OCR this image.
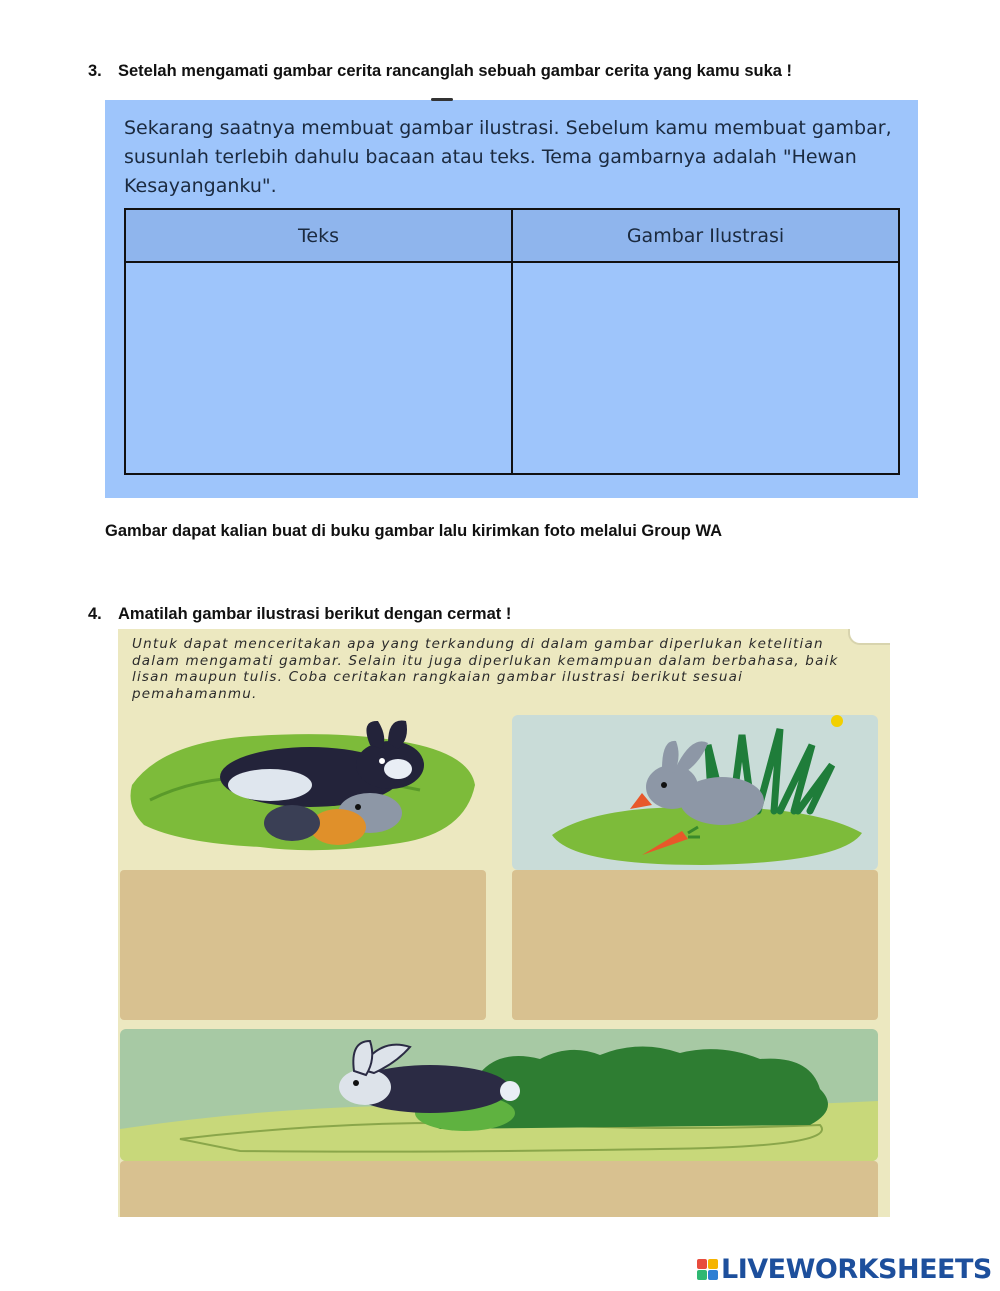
3. Setelah mengamati gambar cerita rancanglah sebuah gambar cerita yang kamu suka !
Sekarang saatnya membuat gambar ilustrasi. Sebelum kamu membuat gambar, susunlah terlebih dahulu bacaan atau teks. Tema gambarnya adalah "Hewan Kesayanganku".
Teks	Gambar Ilustrasi
Gambar dapat kalian buat di buku gambar lalu kirimkan foto melalui Group WA
4. Amatilah gambar ilustrasi berikut dengan cermat !
Untuk dapat menceritakan apa yang terkandung di dalam gambar diperlukan ketelitian dalam mengamati gambar. Selain itu juga diperlukan kemampuan dalam berbahasa, baik lisan maupun tulis. Coba ceritakan rangkaian gambar ilustrasi berikut sesuai pemahamanmu.
LIVEWORKSHEETS
